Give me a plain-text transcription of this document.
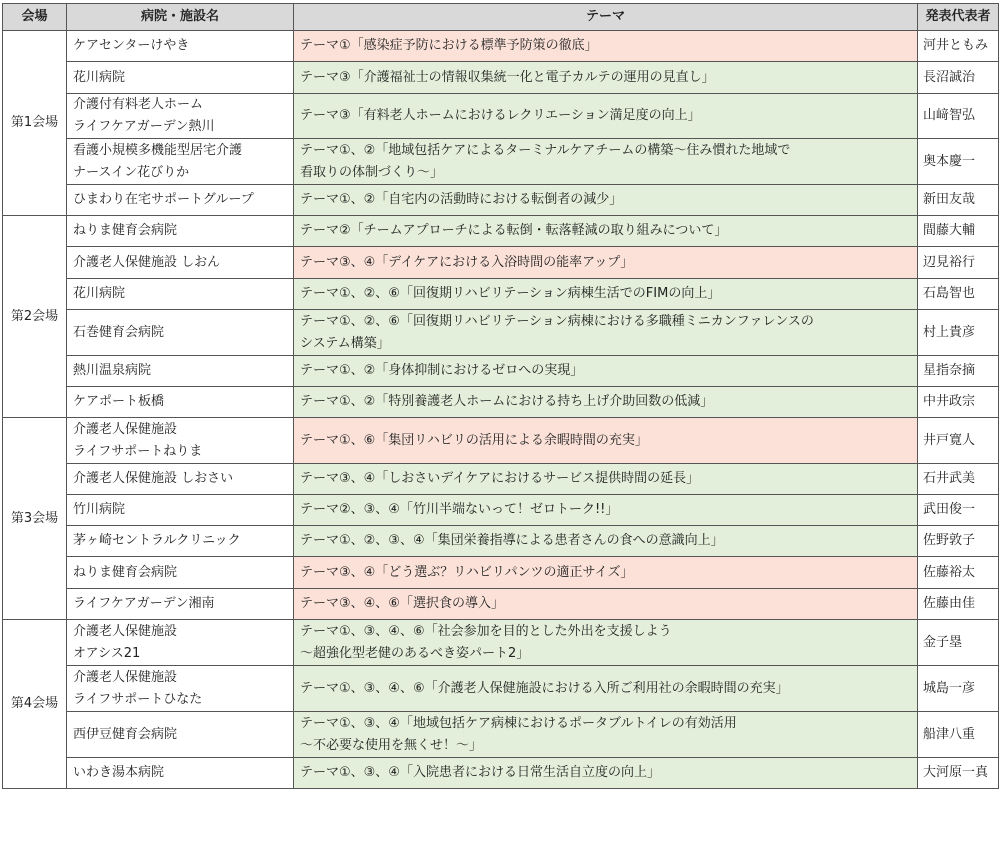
会場	病院・施設名	テーマ	発表代表者
第1会場	ケアセンターけやき	テーマ①「感染症予防における標準予防策の徹底」	河井ともみ

	花川病院	テーマ③「介護福祉士の情報収集統一化と電子カルテの運用の見直し」	長沼誠治

	介護付有料老人ホーム
ライフケアガーデン熱川	テーマ③「有料老人ホームにおけるレクリエーション満足度の向上」	山﨑智弘

	看護小規模多機能型居宅介護
ナースイン花びりか	テーマ①、②「地域包括ケアによるターミナルケアチームの構築～住み慣れた地域で
看取りの体制づくり～」	奥本慶一

	ひまわり在宅サポートグループ	テーマ①、②「自宅内の活動時における転倒者の減少」	新田友哉
第2会場	ねりま健育会病院	テーマ②「チームアプローチによる転倒・転落軽減の取り組みについて」	間藤大輔

	介護老人保健施設 しおん	テーマ③、④「デイケアにおける入浴時間の能率アップ」	辺見裕行

	花川病院	テーマ①、②、⑥「回復期リハビリテーション病棟生活でのFIMの向上」	石島智也

	石巻健育会病院	テーマ①、②、⑥「回復期リハビリテーション病棟における多職種ミニカンファレンスの
システム構築」	村上貴彦

	熱川温泉病院	テーマ①、②「身体抑制におけるゼロへの実現」	星指奈摘

	ケアポート板橋	テーマ①、②「特別養護老人ホームにおける持ち上げ介助回数の低減」	中井政宗
第3会場	介護老人保健施設
ライフサポートねりま	テーマ①、⑥「集団リハビリの活用による余暇時間の充実」	井戸寛人

	介護老人保健施設 しおさい	テーマ③、④「しおさいデイケアにおけるサービス提供時間の延長」	石井武美

	竹川病院	テーマ②、③、④「竹川半端ないって！ゼロトーク!!」	武田俊一

	茅ヶ崎セントラルクリニック	テーマ①、②、③、④「集団栄養指導による患者さんの食への意識向上」	佐野敦子

	ねりま健育会病院	テーマ③、④「どう選ぶ？リハビリパンツの適正サイズ」	佐藤裕太

	ライフケアガーデン湘南	テーマ③、④、⑥「選択食の導入」	佐藤由佳
第4会場	介護老人保健施設
オアシス21	テーマ①、③、④、⑥「社会参加を目的とした外出を支援しよう
～超強化型老健のあるべき姿パート2」	金子塁

	介護老人保健施設
ライフサポートひなた	テーマ①、③、④、⑥「介護老人保健施設における入所ご利用社の余暇時間の充実」	城島一彦

	西伊豆健育会病院	テーマ①、③、④「地域包括ケア病棟におけるポータブルトイレの有効活用
～不必要な使用を無くせ！～」	船津八重

	いわき湯本病院	テーマ①、③、④「入院患者における日常生活自立度の向上」	大河原一真
